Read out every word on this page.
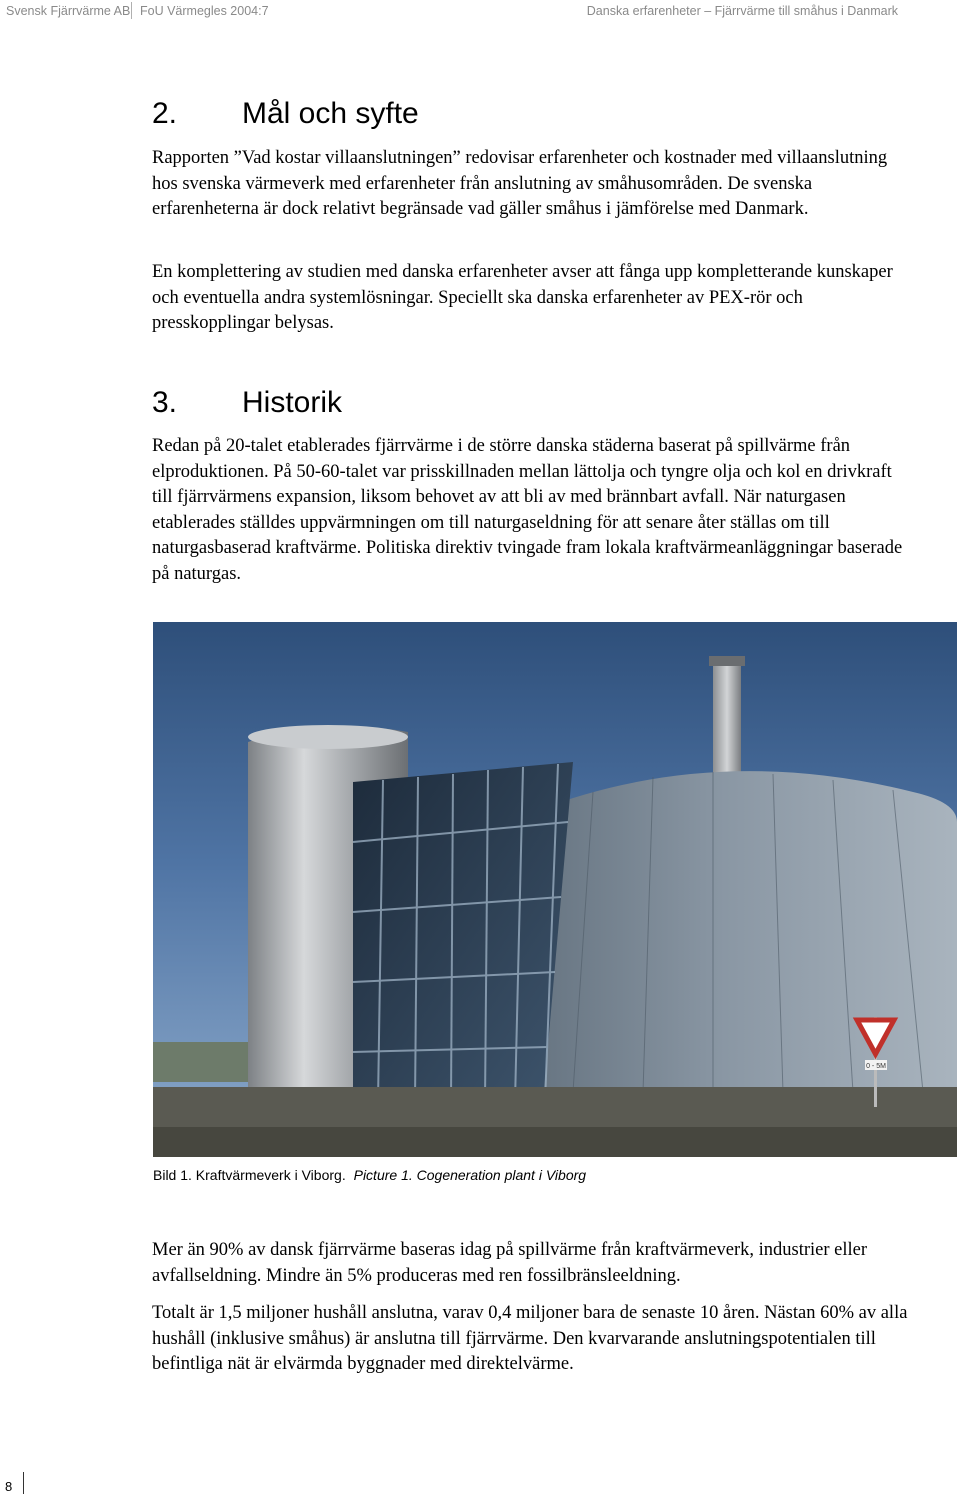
Svensk Fjärrvärme AB FoU Värmegles 2004:7	Danska erfarenheter – Fjärrvärme till småhus i Danmark
2. Mål och syfte

Rapporten ”Vad kostar villaanslutningen” redovisar erfarenheter och kostnader med villaanslutning hos svenska värmeverk med erfarenheter från anslutning av småhusområden. De svenska erfarenheterna är dock relativt begränsade vad gäller småhus i jämförelse med Danmark.

En komplettering av studien med danska erfarenheter avser att fånga upp kompletterande kunskaper och eventuella andra systemlösningar. Speciellt ska danska erfarenheter av PEX-rör och presskopplingar belysas.

3. Historik

Redan på 20-talet etablerades fjärrvärme i de större danska städerna baserat på spillvärme från elproduktionen. På 50-60-talet var prisskillnaden mellan lättolja och tyngre olja och kol en drivkraft till fjärrvärmens expansion, liksom behovet av att bli av med brännbart avfall. När naturgasen etablerades ställdes uppvärmningen om till naturgaseldning för att senare åter ställas om till naturgasbaserad kraftvärme. Politiska direktiv tvingade fram lokala kraftvärmeanläggningar baserade på naturgas.

0 - 5M
Bild 1. Kraftvärmeverk i Viborg. Picture 1. Cogeneration plant i Viborg

Mer än 90% av dansk fjärrvärme baseras idag på spillvärme från kraftvärmeverk, industrier eller avfallseldning. Mindre än 5% produceras med ren fossilbränsleeldning.

Totalt är 1,5 miljoner hushåll anslutna, varav 0,4 miljoner bara de senaste 10 åren. Nästan 60% av alla hushåll (inklusive småhus) är anslutna till fjärrvärme. Den kvarvarande anslutningspotentialen till befintliga nät är elvärmda byggnader med direktelvärme.

8
